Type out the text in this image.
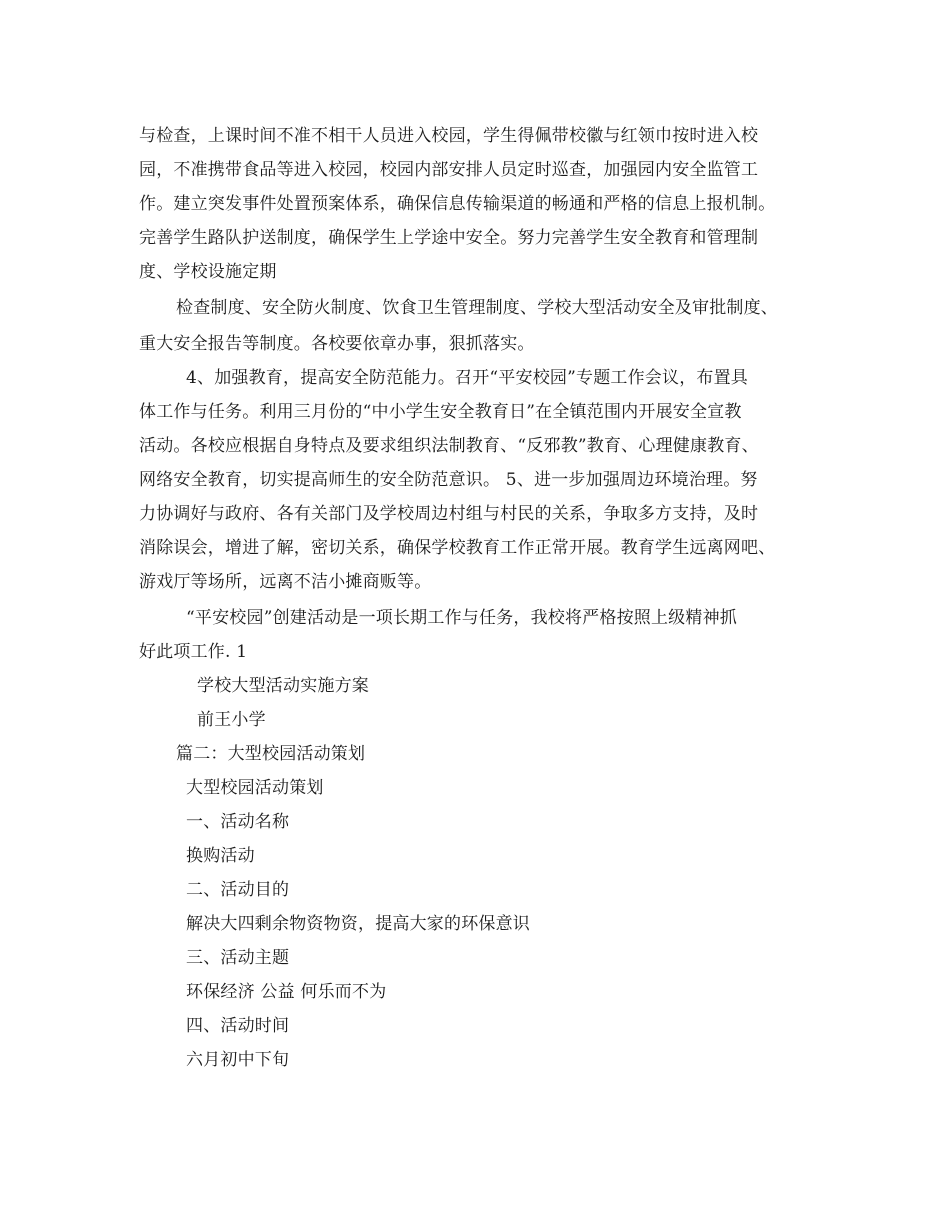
与检查，上课时间不准不相干人员进入校园，学生得佩带校徽与红领巾按时进入校
园，不准携带食品等进入校园，校园内部安排人员定时巡查，加强园内安全监管工
作。建立突发事件处置预案体系，确保信息传输渠道的畅通和严格的信息上报机制。
完善学生路队护送制度，确保学生上学途中安全。努力完善学生安全教育和管理制
度、学校设施定期
检查制度、安全防火制度、饮食卫生管理制度、学校大型活动安全及审批制度、
重大安全报告等制度。各校要依章办事，狠抓落实。
4、加强教育，提高安全防范能力。召开“平安校园”专题工作会议，布置具
体工作与任务。利用三月份的“中小学生安全教育日”在全镇范围内开展安全宣教
活动。各校应根据自身特点及要求组织法制教育、“反邪教”教育、心理健康教育、
网络安全教育，切实提高师生的安全防范意识。 5、进一步加强周边环境治理。努
力协调好与政府、各有关部门及学校周边村组与村民的关系，争取多方支持，及时
消除误会，增进了解，密切关系，确保学校教育工作正常开展。教育学生远离网吧、
游戏厅等场所，远离不洁小摊商贩等。
“平安校园”创建活动是一项长期工作与任务，我校将严格按照上级精神抓
好此项工作. 1
学校大型活动实施方案
前王小学
篇二：大型校园活动策划
大型校园活动策划
一、活动名称
换购活动
二、活动目的
解决大四剩余物资物资，提高大家的环保意识
三、活动主题
环保经济 公益 何乐而不为
四、活动时间
六月初中下旬
